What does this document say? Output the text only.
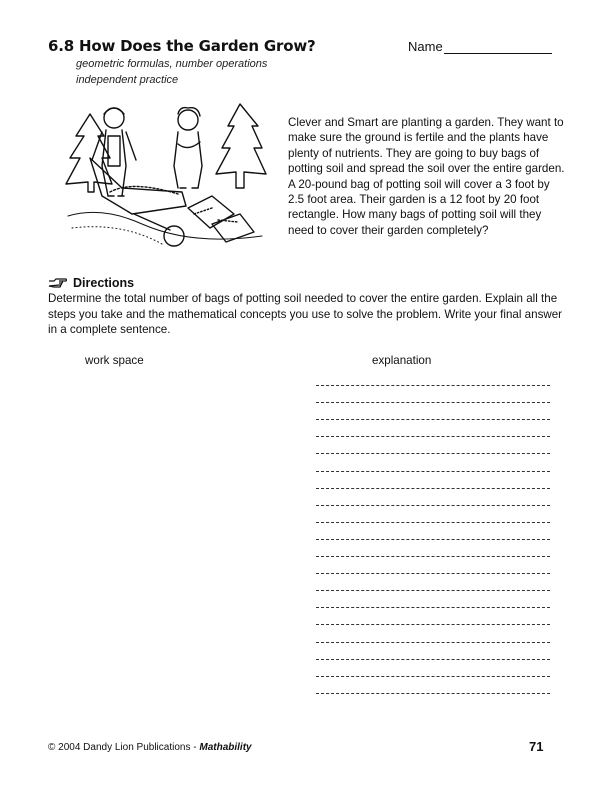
6.8 How Does the Garden Grow?	Name
geometric formulas, number operations
independent practice
Clever and Smart are planting a garden. They want to
make sure the ground is fertile and the plants have
plenty of nutrients. They are going to buy bags of
potting soil and spread the soil over the entire garden.
A 20-pound bag of potting soil will cover a 3 foot by
2.5 foot area. Their garden is a 12 foot by 20 foot
rectangle. How many bags of potting soil will they
need to cover their garden completely?
Directions
Determine the total number of bags of potting soil needed to cover the entire garden. Explain all the
steps you take and the mathematical concepts you use to solve the problem. Write your final answer
in a complete sentence.
work space	explanation
© 2004 Dandy Lion Publications - Mathability	71
